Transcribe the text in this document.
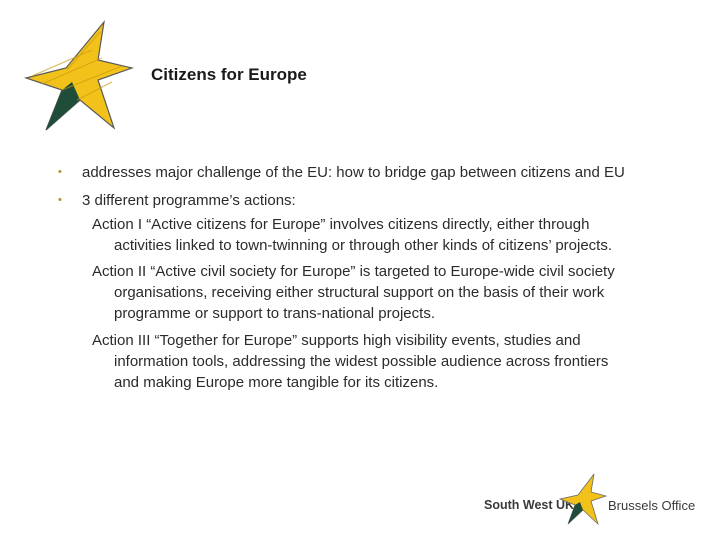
Citizens for Europe
• addresses major challenge of the EU: how to bridge gap between citizens and EU
• 3 different programme’s actions:
Action I “Active citizens for Europe” involves citizens directly, either through
activities linked to town-twinning or through other kinds of citizens’ projects.
Action II “Active civil society for Europe” is targeted to Europe-wide civil society
organisations, receiving either structural support on the basis of their work
programme or support to trans-national projects.
Action III “Together for Europe” supports high visibility events, studies and
information tools, addressing the widest possible audience across frontiers
and making Europe more tangible for its citizens.
South West UK	Brussels Office
